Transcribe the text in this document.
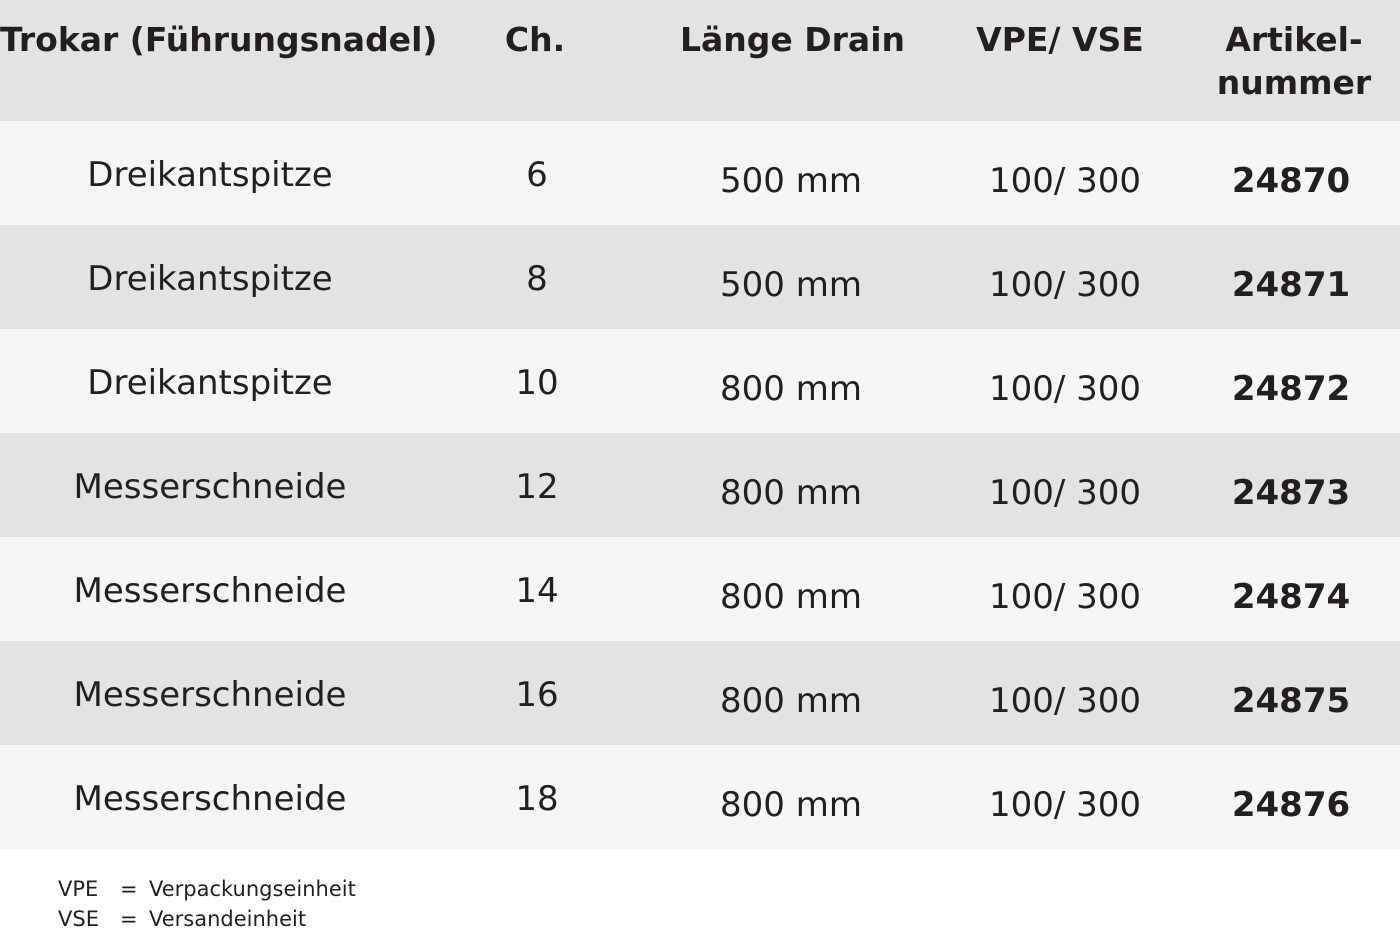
Trokar (Führungsnadel)	Ch.	Länge Drain	VPE/ VSE	Artikel-
nummer
Dreikantspitze	6	500 mm	100/ 300	24870
Dreikantspitze	8	500 mm	100/ 300	24871
Dreikantspitze	10	800 mm	100/ 300	24872
Messerschneide	12	800 mm	100/ 300	24873
Messerschneide	14	800 mm	100/ 300	24874
Messerschneide	16	800 mm	100/ 300	24875
Messerschneide	18	800 mm	100/ 300	24876
VPE = Verpackungseinheit
VSE = Versandeinheit
